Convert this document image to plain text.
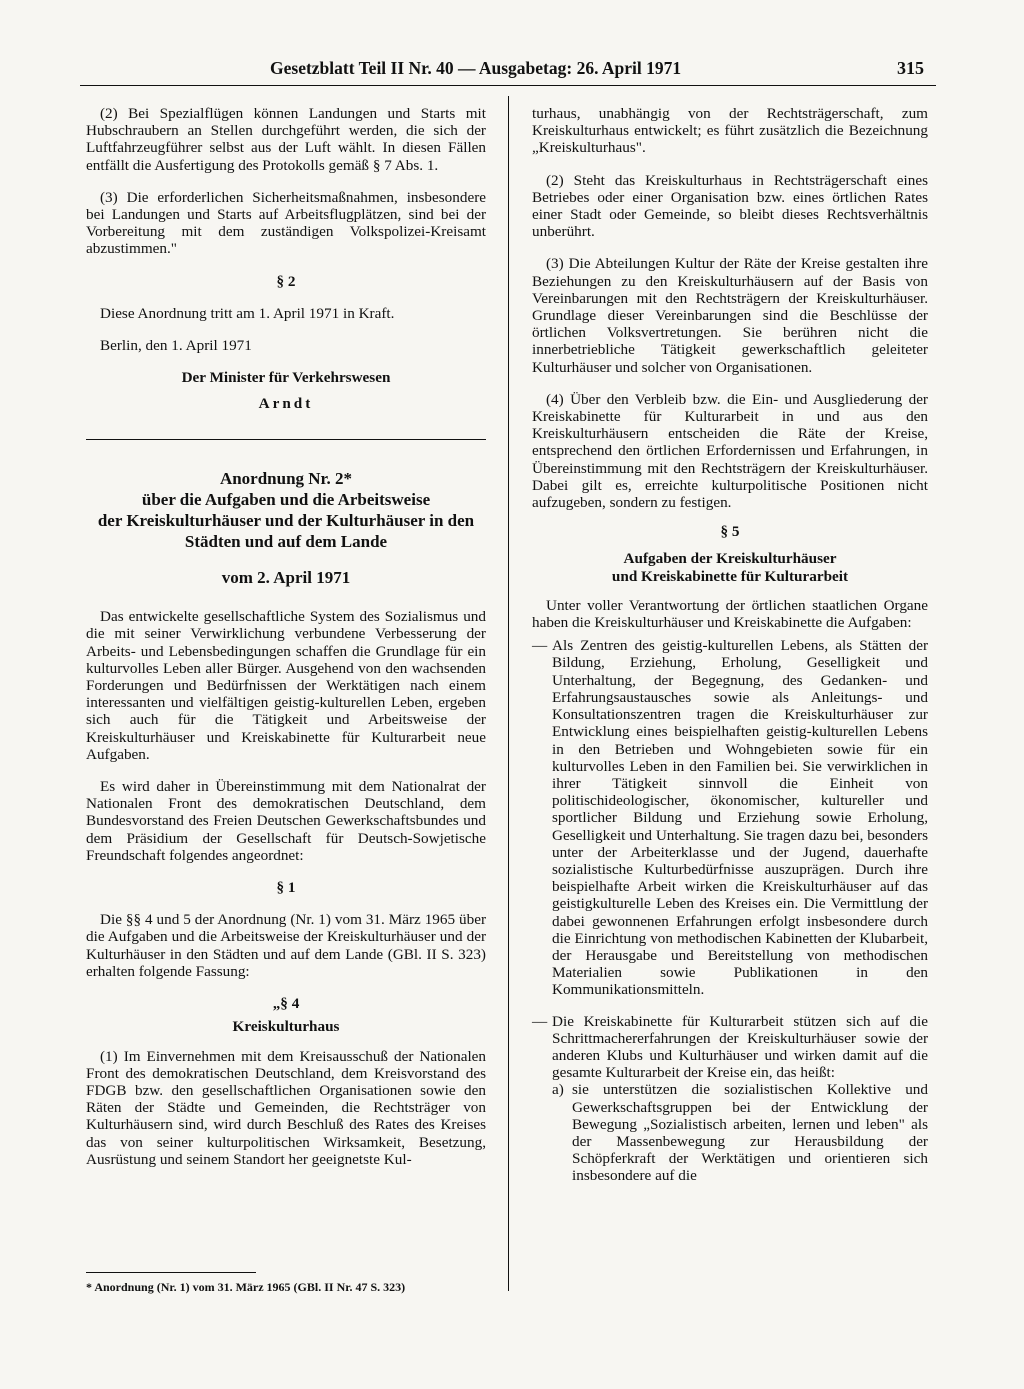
Gesetzblatt Teil II Nr. 40 — Ausgabetag: 26. April 1971	315

(2) Bei Spezialflügen können Landungen und Starts mit Hubschraubern an Stellen durchgeführt werden, die sich der Luftfahrzeugführer selbst aus der Luft wählt. In diesen Fällen entfällt die Ausfertigung des Protokolls gemäß § 7 Abs. 1.

(3) Die erforderlichen Sicherheitsmaßnahmen, insbesondere bei Landungen und Starts auf Arbeitsflugplätzen, sind bei der Vorbereitung mit dem zuständigen Volkspolizei-Kreisamt abzustimmen."

§ 2

Diese Anordnung tritt am 1. April 1971 in Kraft.

Berlin, den 1. April 1971

Der Minister für Verkehrswesen

Arndt

Anordnung Nr. 2*
über die Aufgaben und die Arbeitsweise
der Kreiskulturhäuser und der Kulturhäuser in den
Städten und auf dem Lande

vom 2. April 1971

Das entwickelte gesellschaftliche System des Sozialismus und die mit seiner Verwirklichung verbundene Verbesserung der Arbeits- und Lebensbedingungen schaffen die Grundlage für ein kulturvolles Leben aller Bürger. Ausgehend von den wachsenden Forderungen und Bedürfnissen der Werktätigen nach einem interessanten und vielfältigen geistig-kulturellen Leben, ergeben sich auch für die Tätigkeit und Arbeitsweise der Kreiskulturhäuser und Kreiskabinette für Kulturarbeit neue Aufgaben.

Es wird daher in Übereinstimmung mit dem Nationalrat der Nationalen Front des demokratischen Deutschland, dem Bundesvorstand des Freien Deutschen Gewerkschaftsbundes und dem Präsidium der Gesellschaft für Deutsch-Sowjetische Freundschaft folgendes angeordnet:

§ 1

Die §§ 4 und 5 der Anordnung (Nr. 1) vom 31. März 1965 über die Aufgaben und die Arbeitsweise der Kreiskulturhäuser und der Kulturhäuser in den Städten und auf dem Lande (GBl. II S. 323) erhalten folgende Fassung:

„§ 4

Kreiskulturhaus

(1) Im Einvernehmen mit dem Kreisausschuß der Nationalen Front des demokratischen Deutschland, dem Kreisvorstand des FDGB bzw. den gesellschaftlichen Organisationen sowie den Räten der Städte und Gemeinden, die Rechtsträger von Kulturhäusern sind, wird durch Beschluß des Rates des Kreises das von seiner kulturpolitischen Wirksamkeit, Besetzung, Ausrüstung und seinem Standort her geeignetste Kul-

* Anordnung (Nr. 1) vom 31. März 1965 (GBl. II Nr. 47 S. 323)

turhaus, unabhängig von der Rechtsträgerschaft, zum Kreiskulturhaus entwickelt; es führt zusätzlich die Bezeichnung „Kreiskulturhaus".

(2) Steht das Kreiskulturhaus in Rechtsträgerschaft eines Betriebes oder einer Organisation bzw. eines örtlichen Rates einer Stadt oder Gemeinde, so bleibt dieses Rechtsverhältnis unberührt.

(3) Die Abteilungen Kultur der Räte der Kreise gestalten ihre Beziehungen zu den Kreiskulturhäusern auf der Basis von Vereinbarungen mit den Rechtsträgern der Kreiskulturhäuser. Grundlage dieser Vereinbarungen sind die Beschlüsse der örtlichen Volksvertretungen. Sie berühren nicht die innerbetriebliche Tätigkeit gewerkschaftlich geleiteter Kulturhäuser und solcher von Organisationen.

(4) Über den Verbleib bzw. die Ein- und Ausgliederung der Kreiskabinette für Kulturarbeit in und aus den Kreiskulturhäusern entscheiden die Räte der Kreise, entsprechend den örtlichen Erfordernissen und Erfahrungen, in Übereinstimmung mit den Rechtsträgern der Kreiskulturhäuser. Dabei gilt es, erreichte kulturpolitische Positionen nicht aufzugeben, sondern zu festigen.

§ 5

Aufgaben der Kreiskulturhäuser
und Kreiskabinette für Kulturarbeit

Unter voller Verantwortung der örtlichen staatlichen Organe haben die Kreiskulturhäuser und Kreiskabinette die Aufgaben:

— Als Zentren des geistig-kulturellen Lebens, als Stätten der Bildung, Erziehung, Erholung, Geselligkeit und Unterhaltung, der Begegnung, des Gedanken- und Erfahrungsaustausches sowie als Anleitungs- und Konsultationszentren tragen die Kreiskulturhäuser zur Entwicklung eines beispielhaften geistig-kulturellen Lebens in den Betrieben und Wohngebieten sowie für ein kulturvolles Leben in den Familien bei. Sie verwirklichen in ihrer Tätigkeit sinnvoll die Einheit von politischideologischer, ökonomischer, kultureller und sportlicher Bildung und Erziehung sowie Erholung, Geselligkeit und Unterhaltung. Sie tragen dazu bei, besonders unter der Arbeiterklasse und der Jugend, dauerhafte sozialistische Kulturbedürfnisse auszuprägen. Durch ihre beispielhafte Arbeit wirken die Kreiskulturhäuser auf das geistigkulturelle Leben des Kreises ein. Die Vermittlung der dabei gewonnenen Erfahrungen erfolgt insbesondere durch die Einrichtung von methodischen Kabinetten der Klubarbeit, der Herausgabe und Bereitstellung von methodischen Materialien sowie Publikationen in den Kommunikationsmitteln.
— Die Kreiskabinette für Kulturarbeit stützen sich auf die Schrittmachererfahrungen der Kreiskulturhäuser sowie der anderen Klubs und Kulturhäuser und wirken damit auf die gesamte Kulturarbeit der Kreise ein, das heißt:
a) sie unterstützen die sozialistischen Kollektive und Gewerkschaftsgruppen bei der Entwicklung der Bewegung „Sozialistisch arbeiten, lernen und leben" als der Massenbewegung zur Herausbildung der Schöpferkraft der Werktätigen und orientieren sich insbesondere auf die
